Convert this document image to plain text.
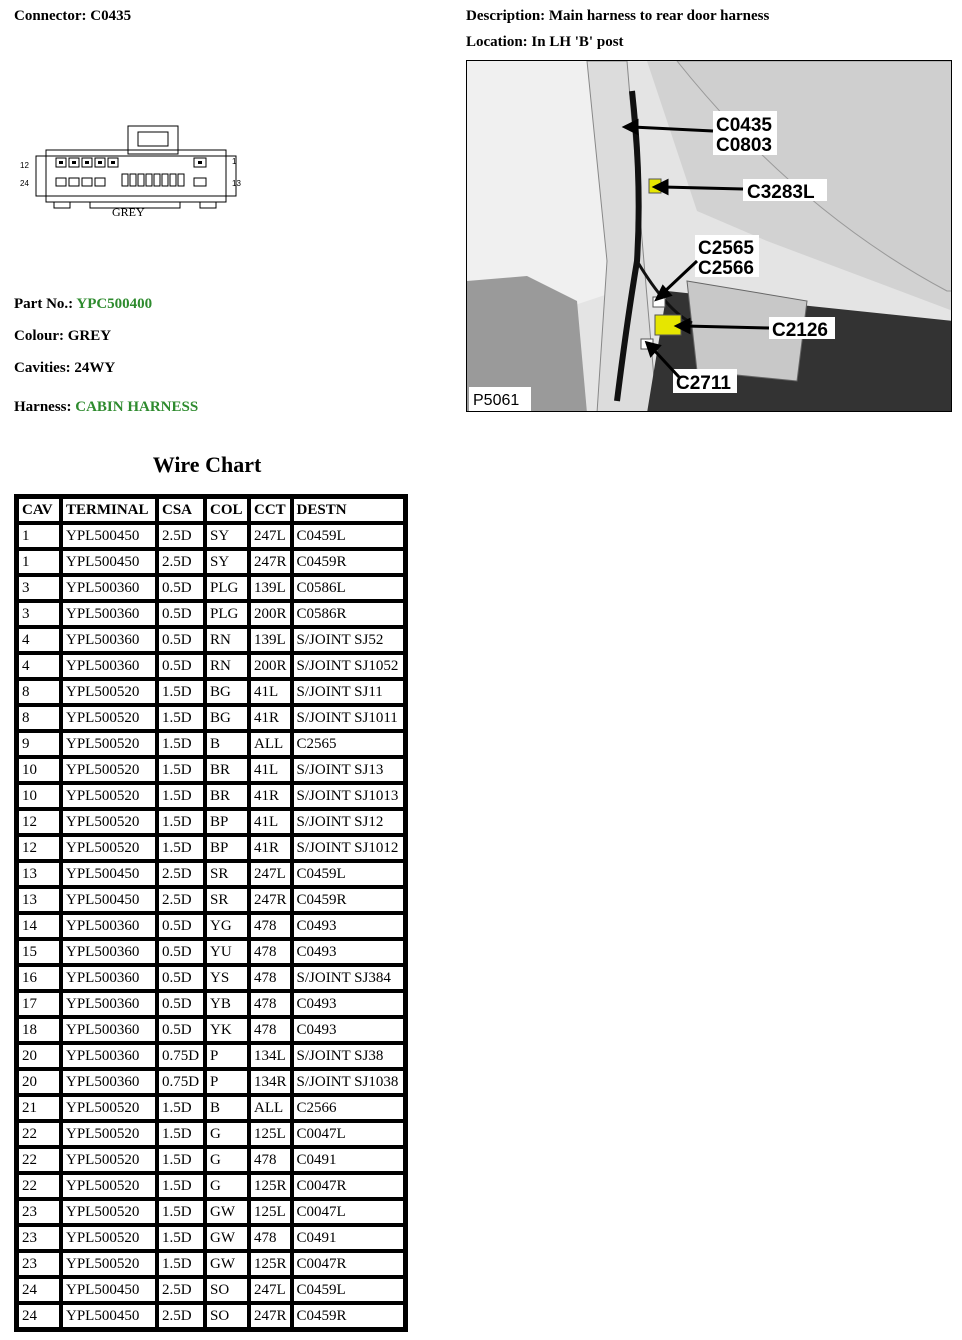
Connector: C0435	Description: Main harness to rear door harness
Location: In LH 'B' post
12	1
24	13
GREY
C0435
C0803
C3283L
C2565
C2566
C2126
C2711
P5061
Part No.: YPC500400
Colour: GREY
Cavities: 24WY
Harness: CABIN HARNESS
Wire Chart
CAV	TERMINAL	CSA	COL	CCT	DESTN
1	YPL500450	2.5D	SY	247L	C0459L
1	YPL500450	2.5D	SY	247R	C0459R
3	YPL500360	0.5D	PLG	139L	C0586L
3	YPL500360	0.5D	PLG	200R	C0586R
4	YPL500360	0.5D	RN	139L	S/JOINT SJ52
4	YPL500360	0.5D	RN	200R	S/JOINT SJ1052
8	YPL500520	1.5D	BG	41L	S/JOINT SJ11
8	YPL500520	1.5D	BG	41R	S/JOINT SJ1011
9	YPL500520	1.5D	B	ALL	C2565
10	YPL500520	1.5D	BR	41L	S/JOINT SJ13
10	YPL500520	1.5D	BR	41R	S/JOINT SJ1013
12	YPL500520	1.5D	BP	41L	S/JOINT SJ12
12	YPL500520	1.5D	BP	41R	S/JOINT SJ1012
13	YPL500450	2.5D	SR	247L	C0459L
13	YPL500450	2.5D	SR	247R	C0459R
14	YPL500360	0.5D	YG	478	C0493
15	YPL500360	0.5D	YU	478	C0493
16	YPL500360	0.5D	YS	478	S/JOINT SJ384
17	YPL500360	0.5D	YB	478	C0493
18	YPL500360	0.5D	YK	478	C0493
20	YPL500360	0.75D	P	134L	S/JOINT SJ38
20	YPL500360	0.75D	P	134R	S/JOINT SJ1038
21	YPL500520	1.5D	B	ALL	C2566
22	YPL500520	1.5D	G	125L	C0047L
22	YPL500520	1.5D	G	478	C0491
22	YPL500520	1.5D	G	125R	C0047R
23	YPL500520	1.5D	GW	125L	C0047L
23	YPL500520	1.5D	GW	478	C0491
23	YPL500520	1.5D	GW	125R	C0047R
24	YPL500450	2.5D	SO	247L	C0459L
24	YPL500450	2.5D	SO	247R	C0459R
